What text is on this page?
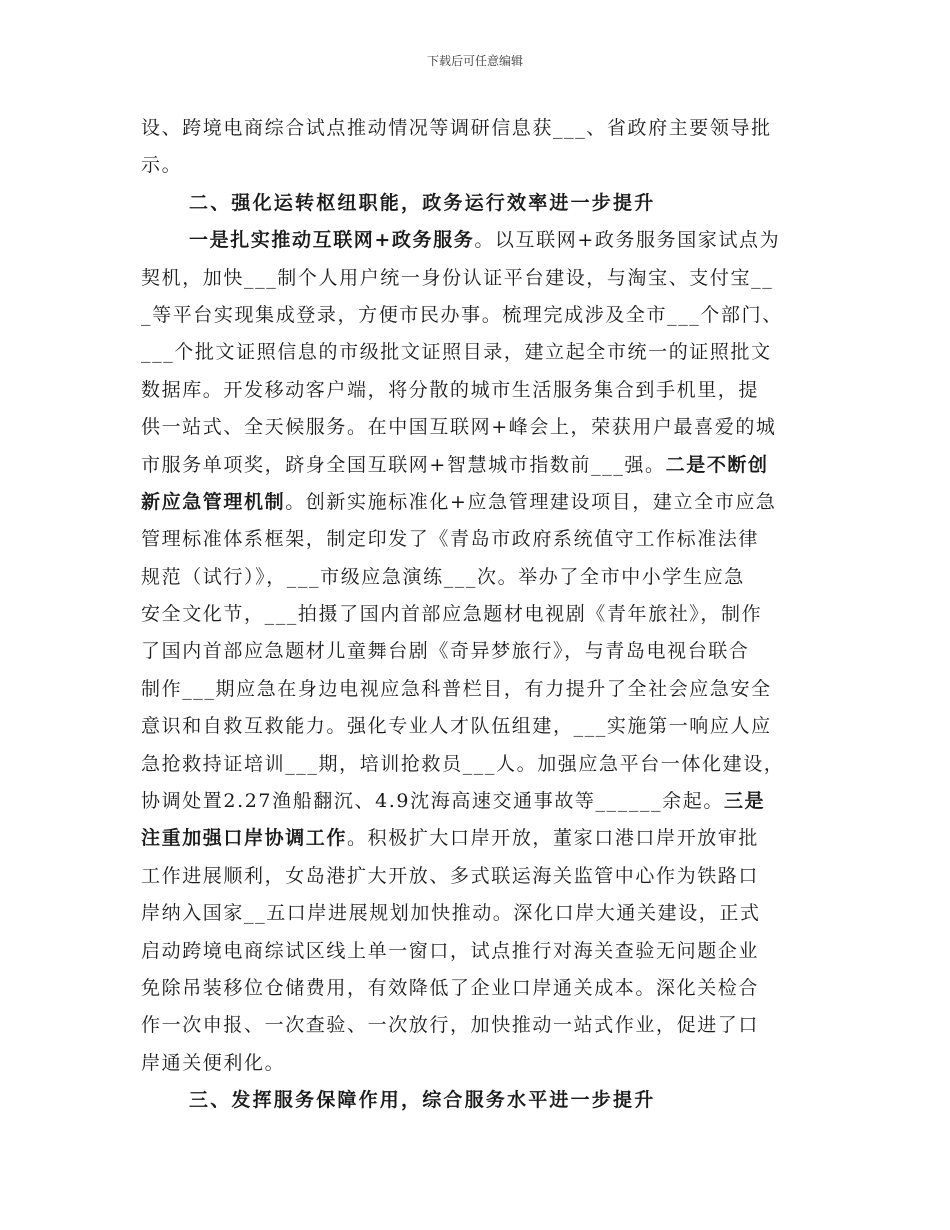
下载后可任意编辑
设、跨境电商综合试点推动情况等调研信息获___、省政府主要领导批
示。
二、强化运转枢纽职能，政务运行效率进一步提升
一是扎实推动互联网+政务服务。以互联网+政务服务国家试点为
契机，加快___制个人用户统一身份认证平台建设，与淘宝、支付宝__
_等平台实现集成登录，方便市民办事。梳理完成涉及全市___个部门、
___个批文证照信息的市级批文证照目录，建立起全市统一的证照批文
数据库。开发移动客户端，将分散的城市生活服务集合到手机里，提
供一站式、全天候服务。在中国互联网+峰会上，荣获用户最喜爱的城
市服务单项奖，跻身全国互联网+智慧城市指数前___强。二是不断创
新应急管理机制。创新实施标准化+应急管理建设项目，建立全市应急
管理标准体系框架，制定印发了《青岛市政府系统值守工作标准法律
规范（试行）》，___市级应急演练___次。举办了全市中小学生应急
安全文化节，___拍摄了国内首部应急题材电视剧《青年旅社》，制作
了国内首部应急题材儿童舞台剧《奇异梦旅行》，与青岛电视台联合
制作___期应急在身边电视应急科普栏目，有力提升了全社会应急安全
意识和自救互救能力。强化专业人才队伍组建，___实施第一响应人应
急抢救持证培训___期，培训抢救员___人。加强应急平台一体化建设，
协调处置2.27渔船翻沉、4.9沈海高速交通事故等______余起。三是
注重加强口岸协调工作。积极扩大口岸开放，董家口港口岸开放审批
工作进展顺利，女岛港扩大开放、多式联运海关监管中心作为铁路口
岸纳入国家__五口岸进展规划加快推动。深化口岸大通关建设，正式
启动跨境电商综试区线上单一窗口，试点推行对海关查验无问题企业
免除吊装移位仓储费用，有效降低了企业口岸通关成本。深化关检合
作一次申报、一次查验、一次放行，加快推动一站式作业，促进了口
岸通关便利化。
三、发挥服务保障作用，综合服务水平进一步提升
